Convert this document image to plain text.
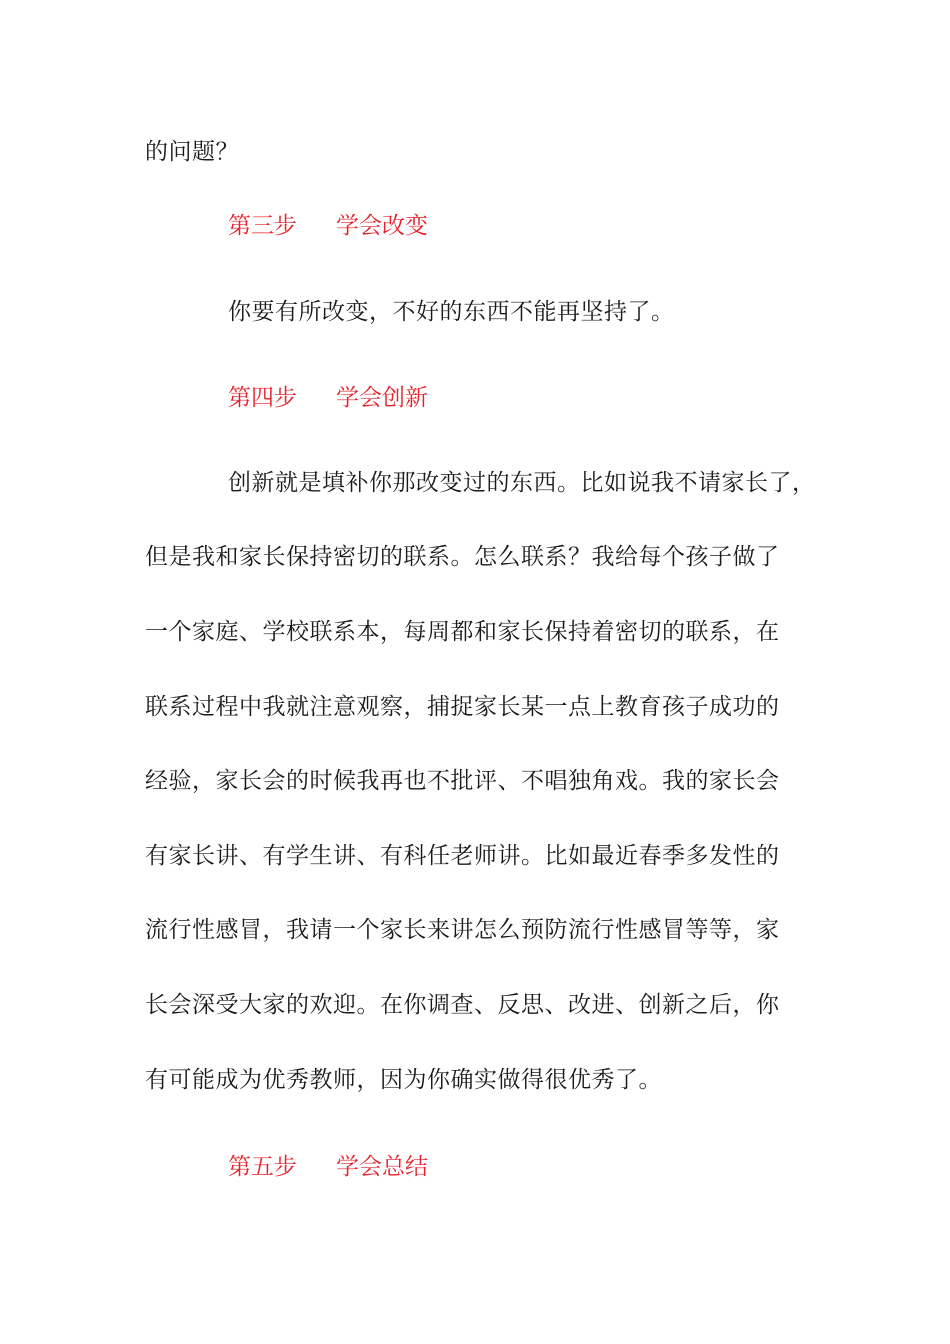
的问题？
第三步 学会改变
你要有所改变，不好的东西不能再坚持了。
第四步 学会创新
创新就是填补你那改变过的东西。比如说我不请家长了，
但是我和家长保持密切的联系。怎么联系？我给每个孩子做了
一个家庭、学校联系本，每周都和家长保持着密切的联系，在
联系过程中我就注意观察，捕捉家长某一点上教育孩子成功的
经验，家长会的时候我再也不批评、不唱独角戏。我的家长会
有家长讲、有学生讲、有科任老师讲。比如最近春季多发性的
流行性感冒，我请一个家长来讲怎么预防流行性感冒等等，家
长会深受大家的欢迎。在你调查、反思、改进、创新之后，你
有可能成为优秀教师，因为你确实做得很优秀了。
第五步 学会总结
